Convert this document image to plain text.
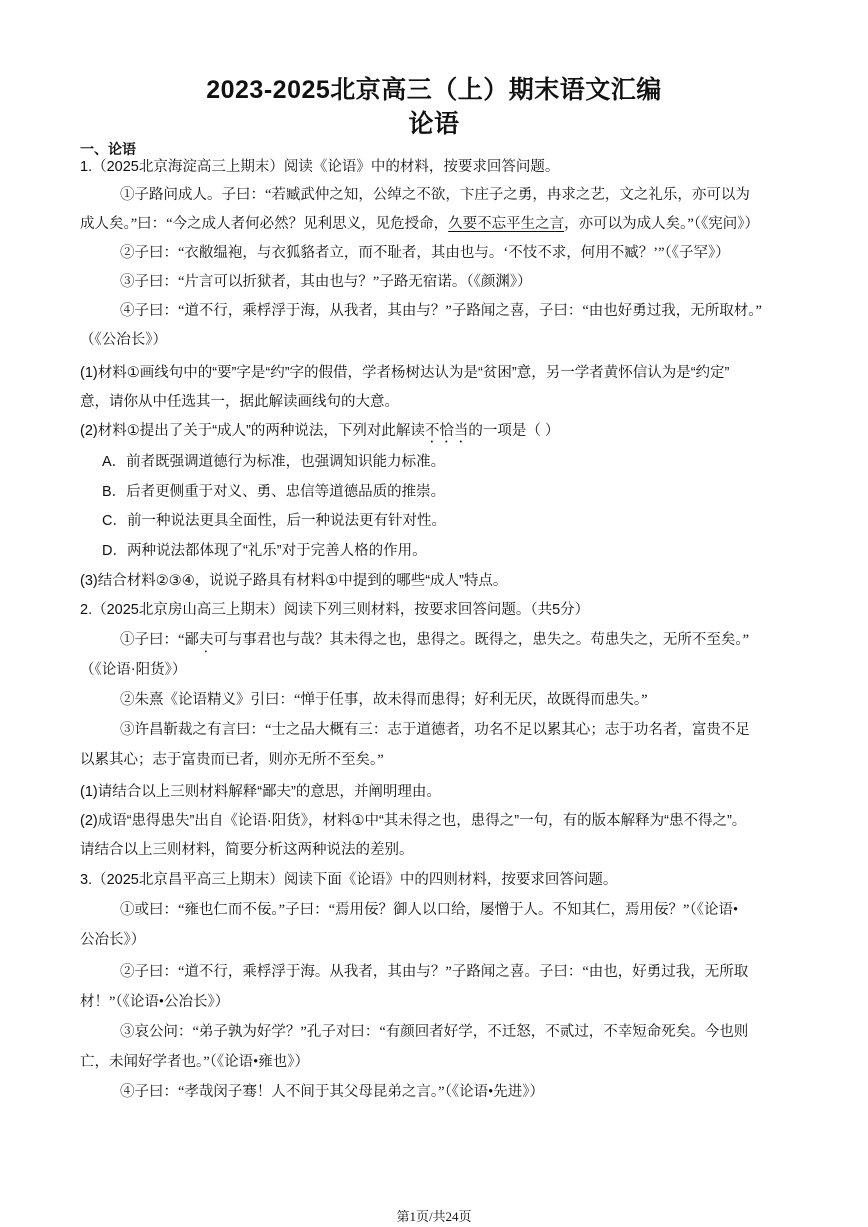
2023-2025北京高三（上）期末语文汇编
论语
一、论语
1.（2025北京海淀高三上期末）阅读《论语》中的材料，按要求回答问题。
①子路问成人。子曰：“若臧武仲之知，公绰之不欲，卞庄子之勇，冉求之艺，文之礼乐，亦可以为
成人矣。”曰：“今之成人者何必然？见利思义，见危授命，久要不忘平生之言，亦可以为成人矣。”（《宪问》）
②子曰：“衣敝缊袍，与衣狐貉者立，而不耻者，其由也与。‘不忮不求，何用不臧？’”（《子罕》）
③子曰：“片言可以折狱者，其由也与？”子路无宿诺。（《颜渊》）
④子曰：“道不行，乘桴浮于海，从我者，其由与？”子路闻之喜，子曰：“由也好勇过我，无所取材。”
（《公冶长》）
(1)材料①画线句中的“要”字是“约”字的假借，学者杨树达认为是“贫困”意，另一学者黄怀信认为是“约定”
意，请你从中任选其一，据此解读画线句的大意。
(2)材料①提出了关于“成人”的两种说法，下列对此解读不恰当的一项是（ ）
A．前者既强调道德行为标准，也强调知识能力标准。
B．后者更侧重于对义、勇、忠信等道德品质的推崇。
C．前一种说法更具全面性，后一种说法更有针对性。
D．两种说法都体现了“礼乐”对于完善人格的作用。
(3)结合材料②③④，说说子路具有材料①中提到的哪些“成人”特点。
2.（2025北京房山高三上期末）阅读下列三则材料，按要求回答问题。（共5分）
①子曰：“鄙夫可与事君也与哉？其未得之也，患得之。既得之，患失之。苟患失之，无所不至矣。”
（《论语·阳货》）
②朱熹《论语精义》引曰：“惮于任事，故未得而患得；好利无厌，故既得而患失。”
③许昌靳裁之有言曰：“士之品大概有三：志于道德者，功名不足以累其心；志于功名者，富贵不足
以累其心；志于富贵而已者，则亦无所不至矣。”
(1)请结合以上三则材料解释“鄙夫”的意思，并阐明理由。
(2)成语“患得患失”出自《论语·阳货》，材料①中“其未得之也，患得之”一句，有的版本解释为“患不得之”。
请结合以上三则材料，简要分析这两种说法的差别。
3.（2025北京昌平高三上期末）阅读下面《论语》中的四则材料，按要求回答问题。
①或曰：“雍也仁而不佞。”子曰：“焉用佞？御人以口给，屡憎于人。不知其仁，焉用佞？”（《论语•
公冶长》）
②子曰：“道不行，乘桴浮于海。从我者，其由与？”子路闻之喜。子曰：“由也，好勇过我，无所取
材！”（《论语•公冶长》）
③哀公问：“弟子孰为好学？”孔子对曰：“有颜回者好学，不迁怒，不贰过，不幸短命死矣。今也则
亡，未闻好学者也。”（《论语•雍也》）
④子曰：“孝哉闵子骞！人不间于其父母昆弟之言。”（《论语•先进》）
第1页/共24页
